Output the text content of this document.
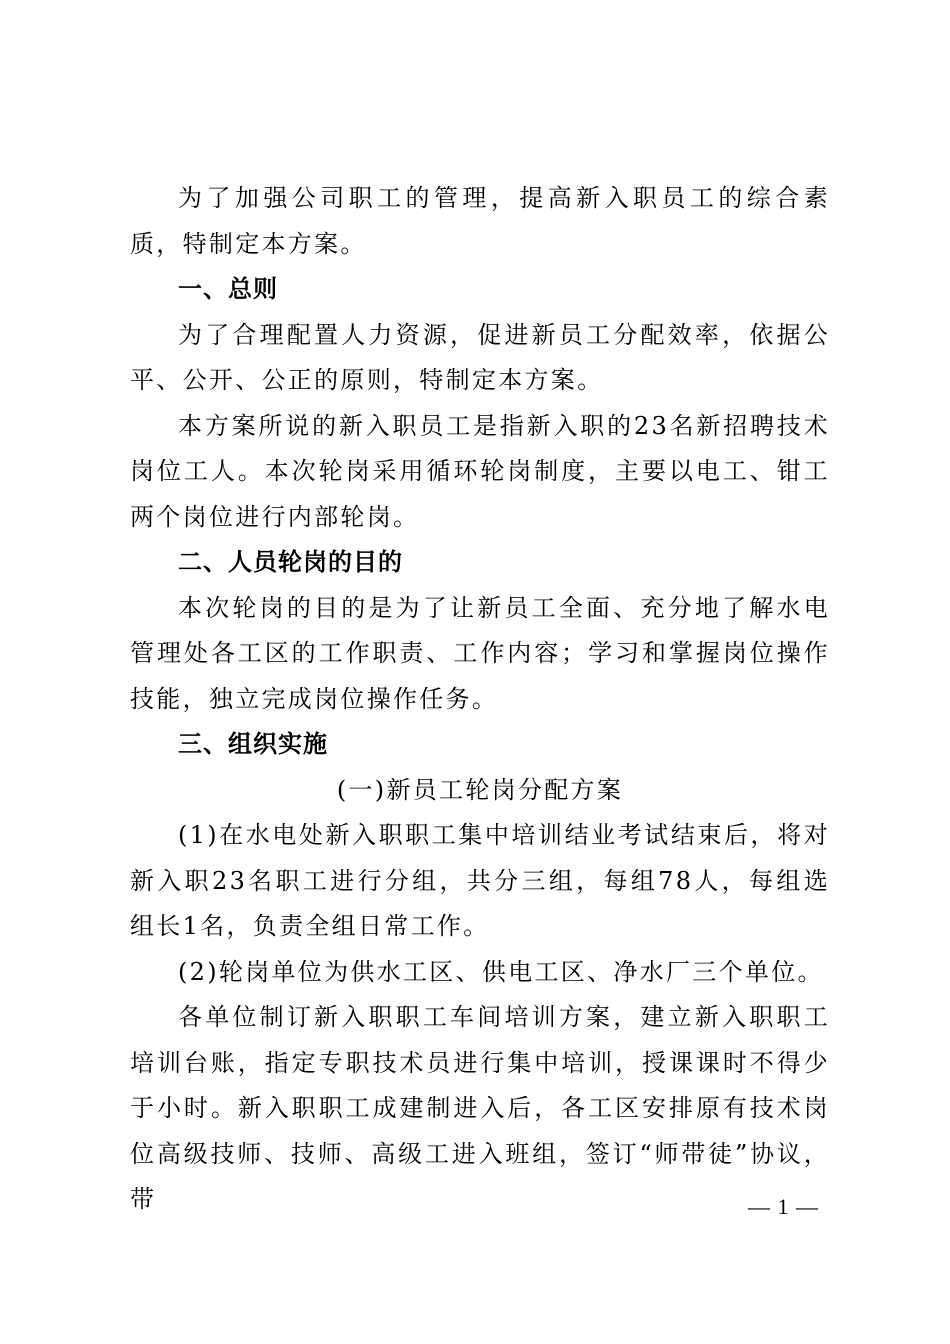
为了加强公司职工的管理，提高新入职员工的综合素质，特制定本方案。

一、总则

为了合理配置人力资源，促进新员工分配效率，依据公平、公开、公正的原则，特制定本方案。

本方案所说的新入职员工是指新入职的23名新招聘技术岗位工人。本次轮岗采用循环轮岗制度，主要以电工、钳工两个岗位进行内部轮岗。

二、人员轮岗的目的

本次轮岗的目的是为了让新员工全面、充分地了解水电管理处各工区的工作职责、工作内容；学习和掌握岗位操作技能，独立完成岗位操作任务。

三、组织实施

(一)新员工轮岗分配方案

(1)在水电处新入职职工集中培训结业考试结束后，将对新入职23名职工进行分组，共分三组，每组78人，每组选组长1名，负责全组日常工作。

(2)轮岗单位为供水工区、供电工区、净水厂三个单位。

各单位制订新入职职工车间培训方案，建立新入职职工培训台账，指定专职技术员进行集中培训，授课课时不得少于小时。新入职职工成建制进入后，各工区安排原有技术岗位高级技师、技师、高级工进入班组，签订“师带徒”协议，带	— 1 —
